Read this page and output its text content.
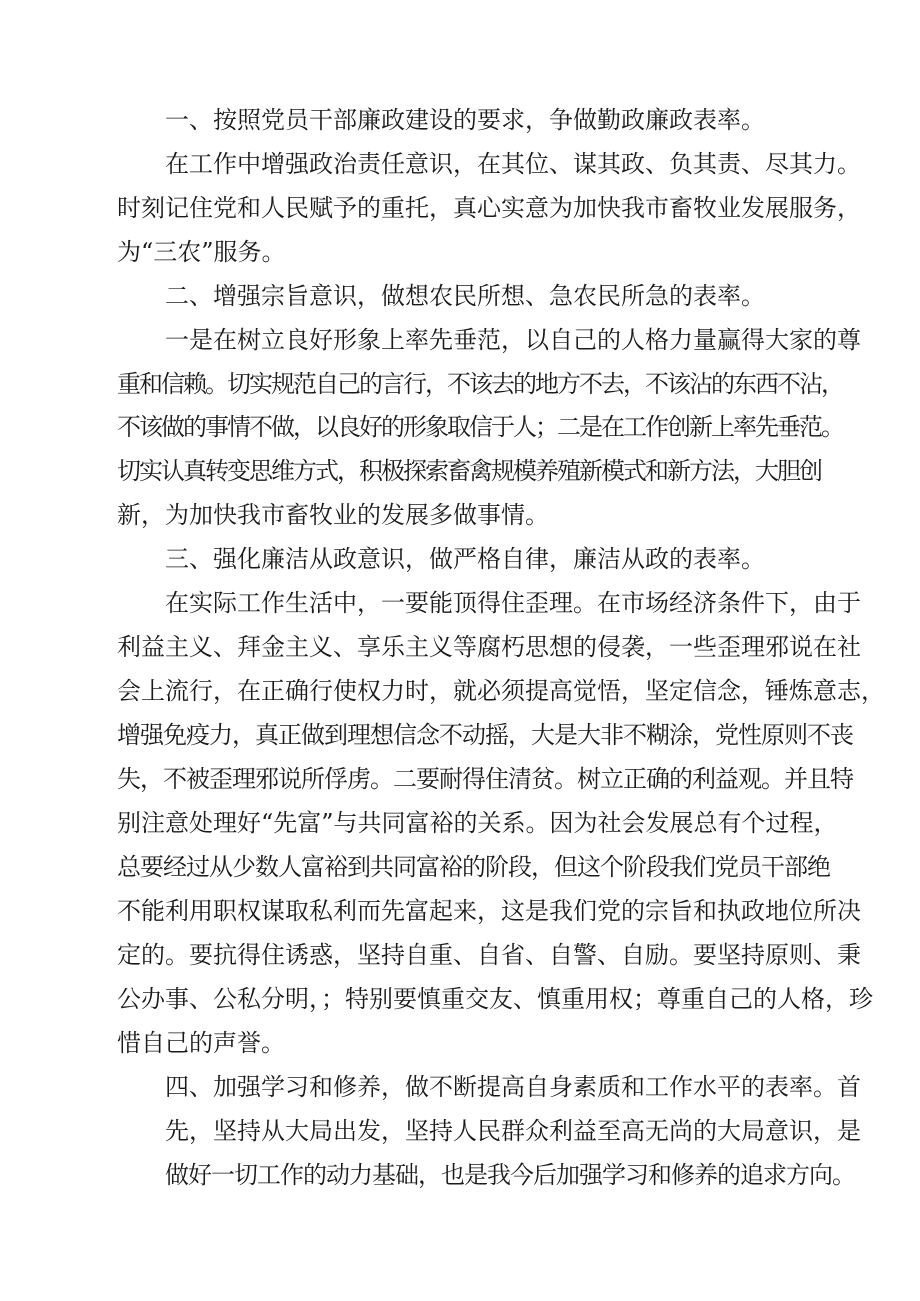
一、按照党员干部廉政建设的要求，争做勤政廉政表率。
在工作中增强政治责任意识，在其位、谋其政、负其责、尽其力。
时刻记住党和人民赋予的重托，真心实意为加快我市畜牧业发展服务，
为“三农”服务。
二、增强宗旨意识，做想农民所想、急农民所急的表率。
一是在树立良好形象上率先垂范，以自己的人格力量赢得大家的尊
重和信赖。切实规范自己的言行，不该去的地方不去，不该沾的东西不沾，
不该做的事情不做，以良好的形象取信于人；二是在工作创新上率先垂范。
切实认真转变思维方式，积极探索畜禽规模养殖新模式和新方法，大胆创
新，为加快我市畜牧业的发展多做事情。
三、强化廉洁从政意识，做严格自律，廉洁从政的表率。
在实际工作生活中，一要能顶得住歪理。在市场经济条件下，由于
利益主义、拜金主义、享乐主义等腐朽思想的侵袭，一些歪理邪说在社
会上流行，在正确行使权力时，就必须提高觉悟，坚定信念，锤炼意志，
增强免疫力，真正做到理想信念不动摇，大是大非不糊涂，党性原则不丧
失，不被歪理邪说所俘虏。二要耐得住清贫。树立正确的利益观。并且特
别注意处理好“先富”与共同富裕的关系。因为社会发展总有个过程，
总要经过从少数人富裕到共同富裕的阶段，但这个阶段我们党员干部绝
不能利用职权谋取私利而先富起来，这是我们党的宗旨和执政地位所决
定的。要抗得住诱惑，坚持自重、自省、自警、自励。要坚持原则、秉
公办事、公私分明，；特别要慎重交友、慎重用权；尊重自己的人格，珍
惜自己的声誉。
四、加强学习和修养，做不断提高自身素质和工作水平的表率。首
先，坚持从大局出发，坚持人民群众利益至高无尚的大局意识，是
做好一切工作的动力基础，也是我今后加强学习和修养的追求方向。
